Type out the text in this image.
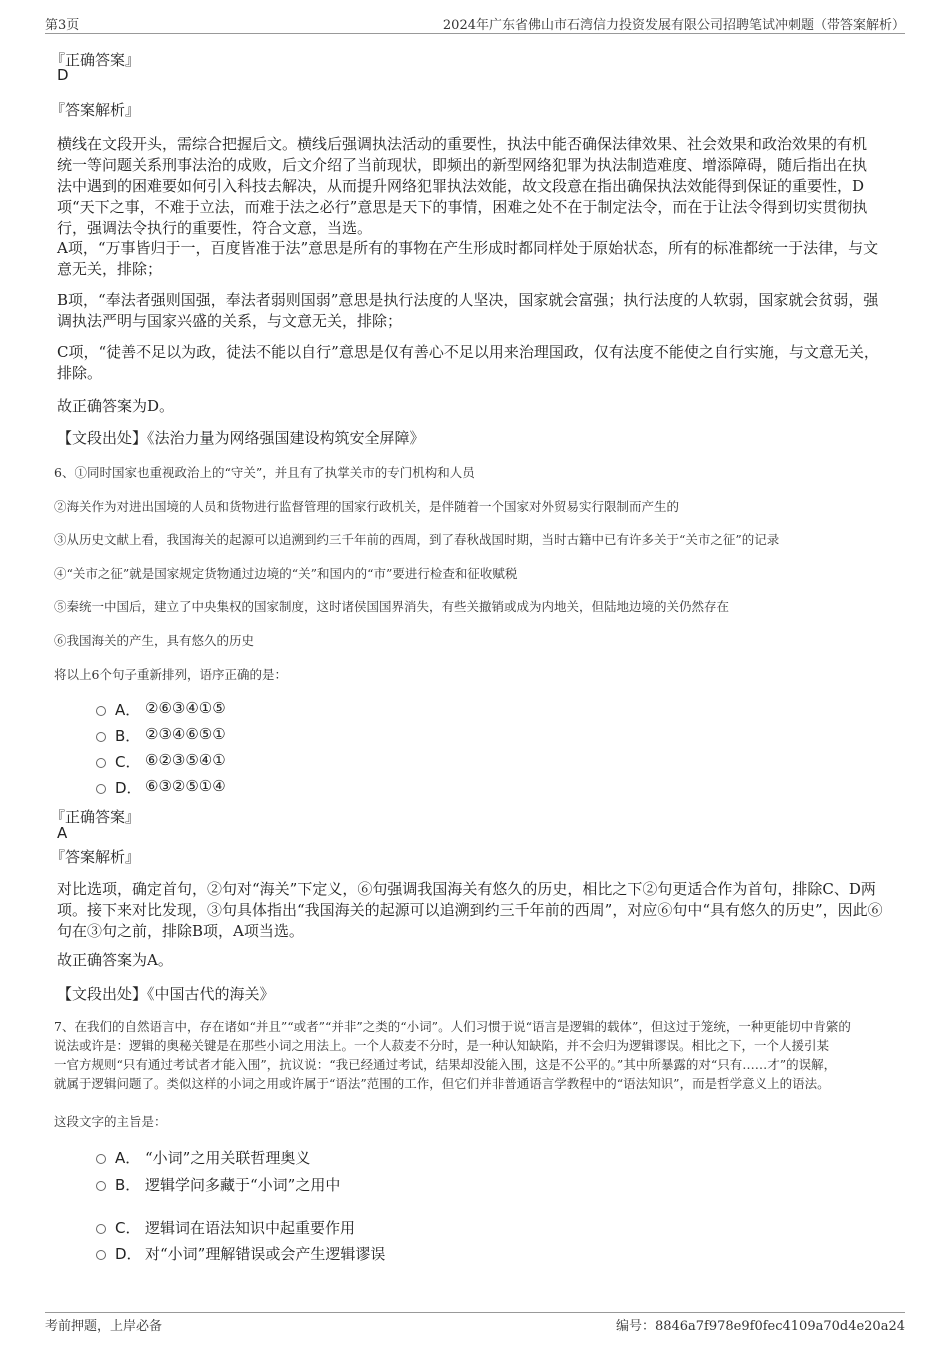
第3页	2024年广东省佛山市石湾信力投资发展有限公司招聘笔试冲刺题（带答案解析）
『正确答案』
D
『答案解析』
横线在文段开头，需综合把握后文。横线后强调执法活动的重要性，执法中能否确保法律效果、社会效果和政治效果的有机
统一等问题关系刑事法治的成败，后文介绍了当前现状，即频出的新型网络犯罪为执法制造难度、增添障碍，随后指出在执
法中遇到的困难要如何引入科技去解决，从而提升网络犯罪执法效能，故文段意在指出确保执法效能得到保证的重要性，D
项“天下之事，不难于立法，而难于法之必行”意思是天下的事情，困难之处不在于制定法令，而在于让法令得到切实贯彻执
行，强调法令执行的重要性，符合文意，当选。
A项，“万事皆归于一，百度皆准于法”意思是所有的事物在产生形成时都同样处于原始状态，所有的标准都统一于法律，与文
意无关，排除；
B项，“奉法者强则国强，奉法者弱则国弱”意思是执行法度的人坚决，国家就会富强；执行法度的人软弱，国家就会贫弱，强
调执法严明与国家兴盛的关系，与文意无关，排除；
C项，“徒善不足以为政，徒法不能以自行”意思是仅有善心不足以用来治理国政，仅有法度不能使之自行实施，与文意无关，
排除。
故正确答案为D。
【文段出处】《法治力量为网络强国建设构筑安全屏障》
6、①同时国家也重视政治上的“守关”，并且有了执掌关市的专门机构和人员
②海关作为对进出国境的人员和货物进行监督管理的国家行政机关，是伴随着一个国家对外贸易实行限制而产生的
③从历史文献上看，我国海关的起源可以追溯到约三千年前的西周，到了春秋战国时期，当时古籍中已有许多关于“关市之征”的记录
④“关市之征”就是国家规定货物通过边境的“关”和国内的“市”要进行检查和征收赋税
⑤秦统一中国后，建立了中央集权的国家制度，这时诸侯国国界消失，有些关撤销或成为内地关，但陆地边境的关仍然存在
⑥我国海关的产生，具有悠久的历史
将以上6个句子重新排列，语序正确的是：
A． ②⑥③④①⑤
B． ②③④⑥⑤①
C． ⑥②③⑤④①
D． ⑥③②⑤①④
『正确答案』
A
『答案解析』
对比选项，确定首句，②句对“海关”下定义，⑥句强调我国海关有悠久的历史，相比之下②句更适合作为首句，排除C、D两
项。接下来对比发现，③句具体指出“我国海关的起源可以追溯到约三千年前的西周”，对应⑥句中“具有悠久的历史”，因此⑥
句在③句之前，排除B项，A项当选。
故正确答案为A。
【文段出处】《中国古代的海关》
7、在我们的自然语言中，存在诸如“并且”“或者”“并非”之类的“小词”。人们习惯于说“语言是逻辑的载体”，但这过于笼统，一种更能切中肯綮的
说法或许是：逻辑的奥秘关键是在那些小词之用法上。一个人菽麦不分时，是一种认知缺陷，并不会归为逻辑谬误。相比之下，一个人援引某
一官方规则“只有通过考试者才能入围”，抗议说：“我已经通过考试，结果却没能入围，这是不公平的。”其中所暴露的对“只有……才”的误解，
就属于逻辑问题了。类似这样的小词之用或许属于“语法”范围的工作，但它们并非普通语言学教程中的“语法知识”，而是哲学意义上的语法。
这段文字的主旨是：
A． “小词”之用关联哲理奥义
B． 逻辑学问多藏于“小词”之用中
C． 逻辑词在语法知识中起重要作用
D． 对“小词”理解错误或会产生逻辑谬误
考前押题，上岸必备	编号：8846a7f978e9f0fec4109a70d4e20a24
